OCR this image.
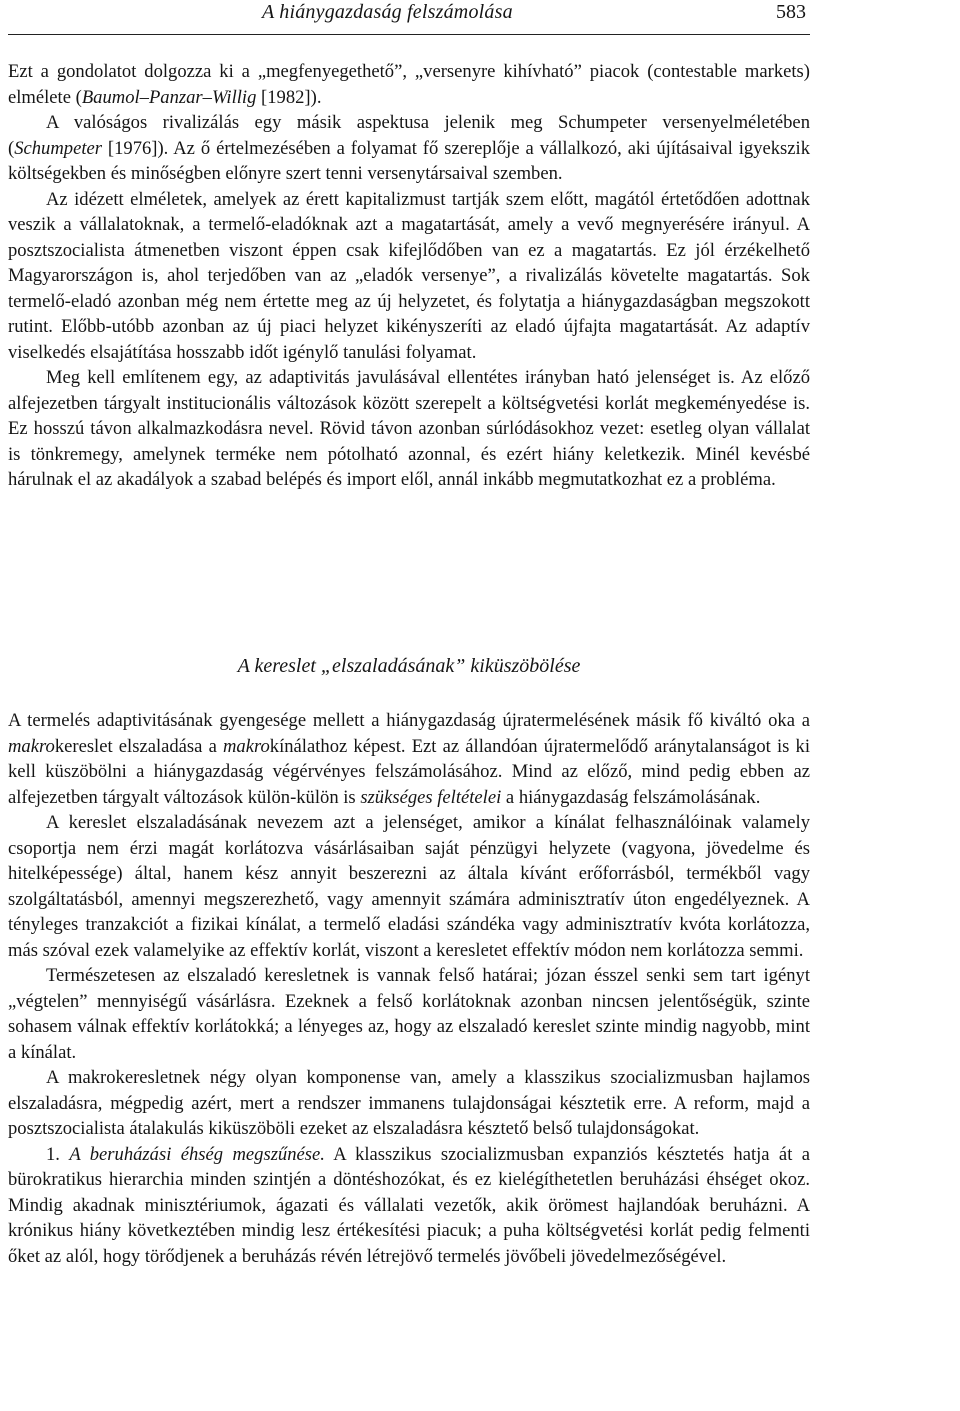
A hiánygazdaság felszámolása	583

Ezt a gondolatot dolgozza ki a „megfenyegethető”, „versenyre kihívható” piacok (contestable markets) elmélete (Baumol–Panzar–Willig [1982]).

A valóságos rivalizálás egy másik aspektusa jelenik meg Schumpeter versenyelméletében (Schumpeter [1976]). Az ő értelmezésében a folyamat fő szereplője a vállalkozó, aki újításaival igyekszik költségekben és minőségben előnyre szert tenni versenytársaival szemben.

Az idézett elméletek, amelyek az érett kapitalizmust tartják szem előtt, magától értetődően adottnak veszik a vállalatoknak, a termelő-eladóknak azt a magatartását, amely a vevő megnyerésére irányul. A posztszocialista átmenetben viszont éppen csak kifejlődőben van ez a magatartás. Ez jól érzékelhető Magyarországon is, ahol terjedőben van az „eladók versenye”, a rivalizálás követelte magatartás. Sok termelő-eladó azonban még nem értette meg az új helyzetet, és folytatja a hiánygazdaságban megszokott rutint. Előbb-utóbb azonban az új piaci helyzet kikényszeríti az eladó újfajta magatartását. Az adaptív viselkedés elsajátítása hosszabb időt igénylő tanulási folyamat.

Meg kell említenem egy, az adaptivitás javulásával ellentétes irányban ható jelenséget is. Az előző alfejezetben tárgyalt institucionális változások között szerepelt a költségvetési korlát megkeményedése is. Ez hosszú távon alkalmazkodásra nevel. Rövid távon azonban súrlódásokhoz vezet: esetleg olyan vállalat is tönkremegy, amelynek terméke nem pótolható azonnal, és ezért hiány keletkezik. Minél kevésbé hárulnak el az akadályok a szabad belépés és import elől, annál inkább megmutatkozhat ez a probléma.

A kereslet „elszaladásának” kiküszöbölése

A termelés adaptivitásának gyengesége mellett a hiánygazdaság újratermelésének másik fő kiváltó oka a makrokereslet elszaladása a makrokínálathoz képest. Ezt az állandóan újratermelődő aránytalanságot is ki kell küszöbölni a hiánygazdaság végérvényes felszámolásához. Mind az előző, mind pedig ebben az alfejezetben tárgyalt változások külön-külön is szükséges feltételei a hiánygazdaság felszámolásának.

A kereslet elszaladásának nevezem azt a jelenséget, amikor a kínálat felhasználóinak valamely csoportja nem érzi magát korlátozva vásárlásaiban saját pénzügyi helyzete (vagyona, jövedelme és hitelképessége) által, hanem kész annyit beszerezni az általa kívánt erőforrásból, termékből vagy szolgáltatásból, amennyi megszerezhető, vagy amennyit számára adminisztratív úton engedélyeznek. A tényleges tranzakciót a fizikai kínálat, a termelő eladási szándéka vagy adminisztratív kvóta korlátozza, más szóval ezek valamelyike az effektív korlát, viszont a keresletet effektív módon nem korlátozza semmi.

Természetesen az elszaladó keresletnek is vannak felső határai; józan ésszel senki sem tart igényt „végtelen” mennyiségű vásárlásra. Ezeknek a felső korlátoknak azonban nincsen jelentőségük, szinte sohasem válnak effektív korlátokká; a lényeges az, hogy az elszaladó kereslet szinte mindig nagyobb, mint a kínálat.

A makrokeresletnek négy olyan komponense van, amely a klasszikus szocializmusban hajlamos elszaladásra, mégpedig azért, mert a rendszer immanens tulajdonságai késztetik erre. A reform, majd a posztszocialista átalakulás kiküszöböli ezeket az elszaladásra késztető belső tulajdonságokat.

1. A beruházási éhség megszűnése. A klasszikus szocializmusban expanziós késztetés hatja át a bürokratikus hierarchia minden szintjén a döntéshozókat, és ez kielégíthetetlen beruházási éhséget okoz. Mindig akadnak minisztériumok, ágazati és vállalati vezetők, akik örömest hajlandóak beruházni. A krónikus hiány következtében mindig lesz értékesítési piacuk; a puha költségvetési korlát pedig felmenti őket az alól, hogy törődjenek a beruházás révén létrejövő termelés jövőbeli jövedelmezőségével.
